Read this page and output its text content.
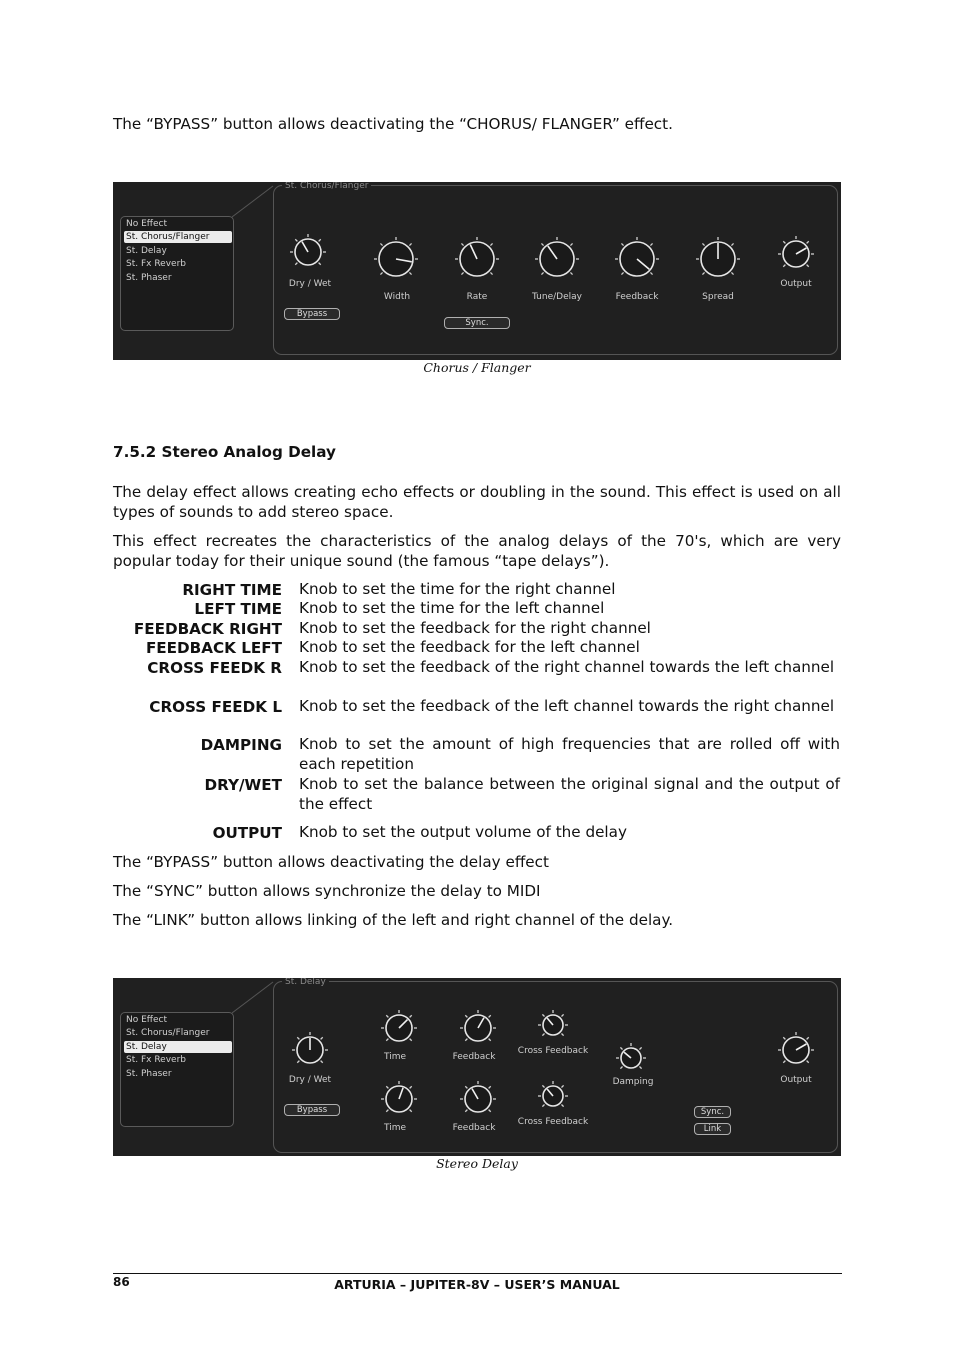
The “BYPASS” button allows deactivating the “CHORUS/ FLANGER” effect.
St. Chorus/Flanger
No Effect
St. Chorus/Flanger
St. Delay
St. Fx Reverb
St. Phaser
Dry / Wet
Width	Rate	Tune/Delay	Feedback	Spread
Output
Bypass
Sync.
Chorus / Flanger
7.5.2 Stereo Analog Delay
The delay effect allows creating echo effects or doubling in the sound. This effect is used on all types of sounds to add stereo space.
This effect recreates the characteristics of the analog delays of the 70's, which are very popular today for their unique sound (the famous “tape delays”).
RIGHT TIME Knob to set the time for the right channel
LEFT TIME Knob to set the time for the left channel
FEEDBACK RIGHT Knob to set the feedback for the right channel
FEEDBACK LEFT Knob to set the feedback for the left channel
CROSS FEEDK R Knob to set the feedback of the right channel towards the left channel
CROSS FEEDK L Knob to set the feedback of the left channel towards the right channel
DAMPING Knob to set the amount of high frequencies that are rolled off with each repetition
DRY/WET Knob to set the balance between the original signal and the output of the effect
OUTPUT Knob to set the output volume of the delay
The “BYPASS” button allows deactivating the delay effect
The “SYNC” button allows synchronize the delay to MIDI
The “LINK” button allows linking of the left and right channel of the delay.
St. Delay
No Effect
St. Chorus/Flanger
St. Delay
St. Fx Reverb
St. Phaser
Dry / Wet
Time	Feedback
Cross Feedback
Damping
Time	Feedback
Cross Feedback
Output
Bypass	Sync.
Link
Stereo Delay
86	ARTURIA – JUPITER-8V – USER’S MANUAL
